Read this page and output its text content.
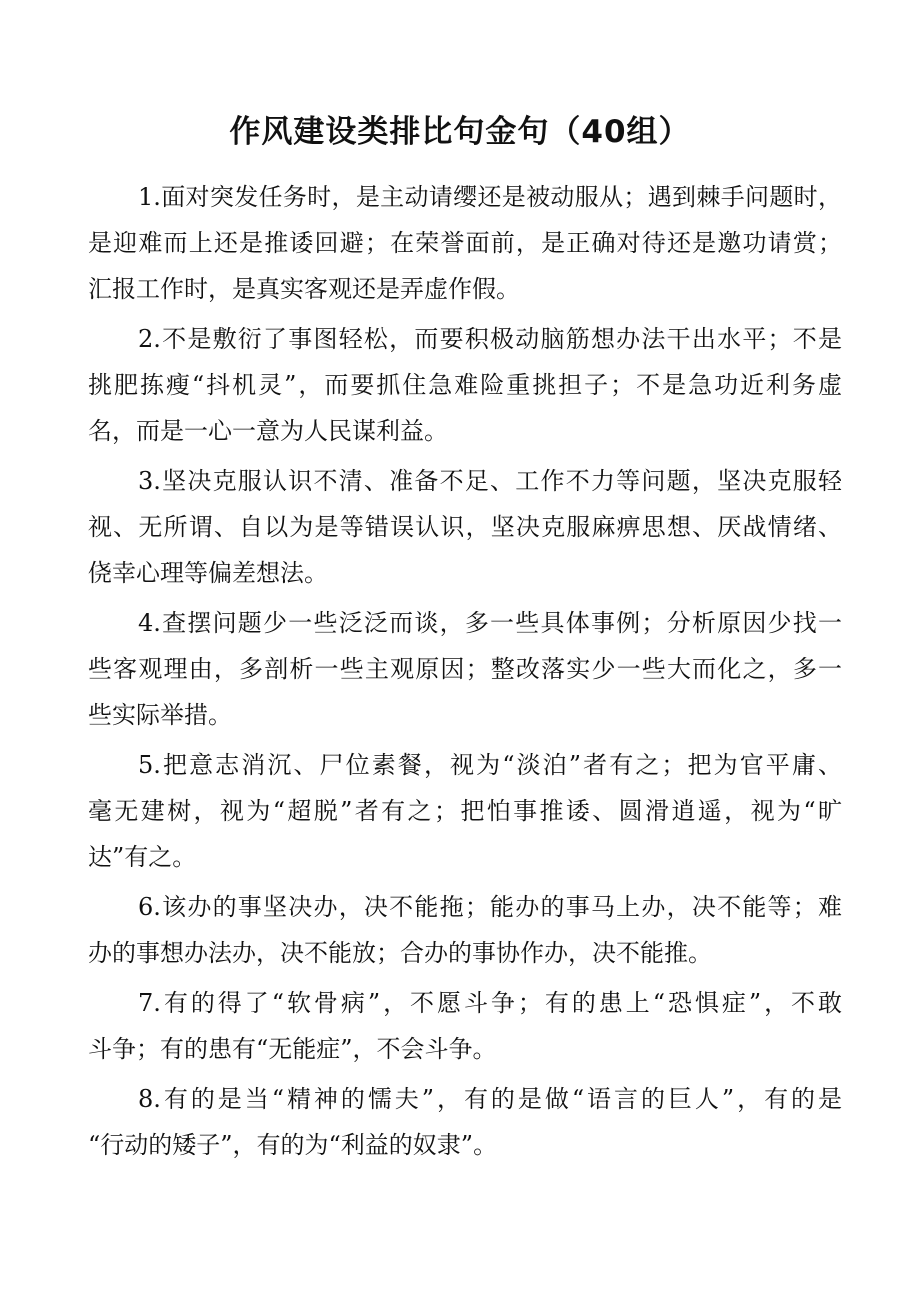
作风建设类排比句金句（40组）
1.面对突发任务时，是主动请缨还是被动服从；遇到棘手问题时，
是迎难而上还是推诿回避；在荣誉面前，是正确对待还是邀功请赏；
汇报工作时，是真实客观还是弄虚作假。
2.不是敷衍了事图轻松，而要积极动脑筋想办法干出水平；不是
挑肥拣瘦“抖机灵”，而要抓住急难险重挑担子；不是急功近利务虚
名，而是一心一意为人民谋利益。
3.坚决克服认识不清、准备不足、工作不力等问题，坚决克服轻
视、无所谓、自以为是等错误认识，坚决克服麻痹思想、厌战情绪、
侥幸心理等偏差想法。
4.查摆问题少一些泛泛而谈，多一些具体事例；分析原因少找一
些客观理由，多剖析一些主观原因；整改落实少一些大而化之，多一
些实际举措。
5.把意志消沉、尸位素餐，视为“淡泊”者有之；把为官平庸、
毫无建树，视为“超脱”者有之；把怕事推诿、圆滑逍遥，视为“旷
达”有之。
6.该办的事坚决办，决不能拖；能办的事马上办，决不能等；难
办的事想办法办，决不能放；合办的事协作办，决不能推。
7.有的得了“软骨病”，不愿斗争；有的患上“恐惧症”，不敢
斗争；有的患有“无能症”，不会斗争。
8.有的是当“精神的懦夫”，有的是做“语言的巨人”，有的是
“行动的矮子”，有的为“利益的奴隶”。
